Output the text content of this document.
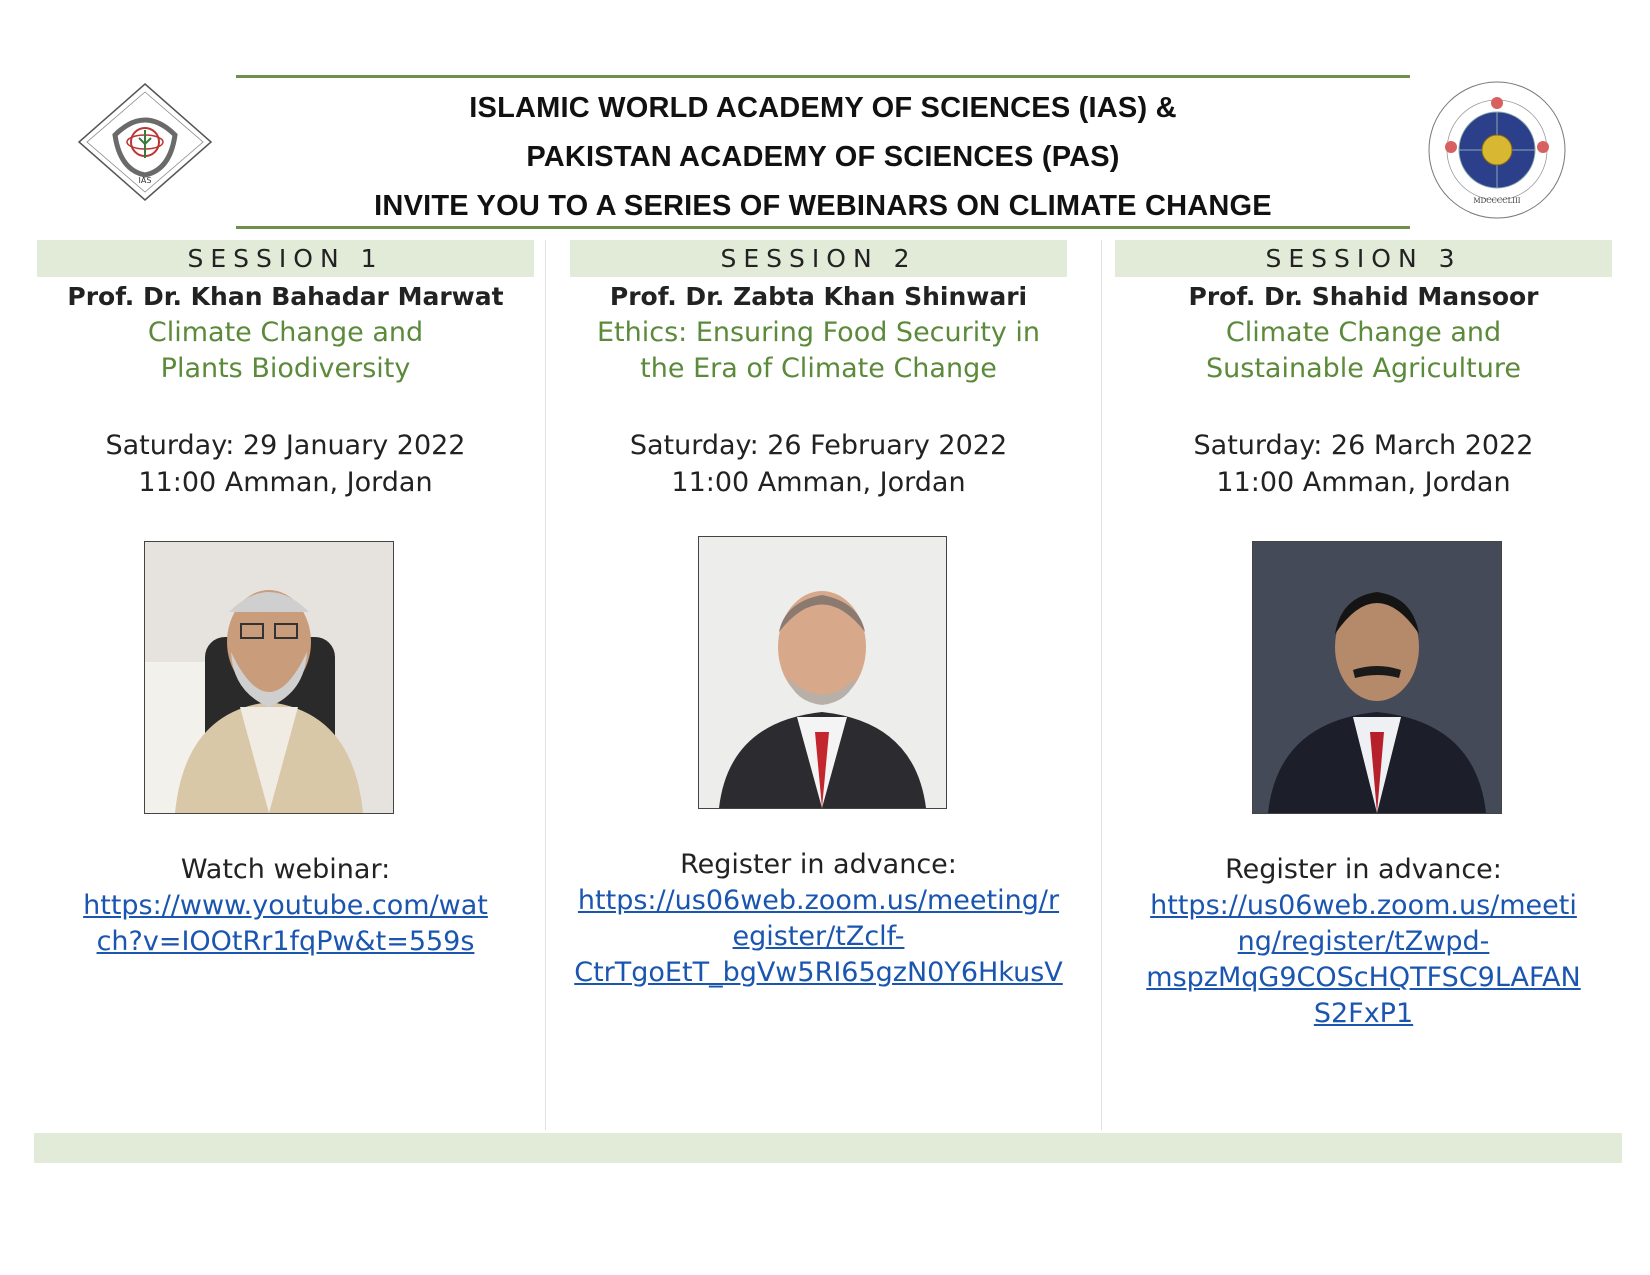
IAS
MDCCCCLIII
ISLAMIC WORLD ACADEMY OF SCIENCES (IAS) &
PAKISTAN ACADEMY OF SCIENCES (PAS)
INVITE YOU TO A SERIES OF WEBINARS ON CLIMATE CHANGE
SESSION 1
Prof. Dr. Khan Bahadar Marwat
Climate Change and
Plants Biodiversity
Saturday: 29 January 2022
11:00 Amman, Jordan
SESSION 2
Prof. Dr. Zabta Khan Shinwari
Ethics: Ensuring Food Security in
the Era of Climate Change
Saturday: 26 February 2022
11:00 Amman, Jordan
SESSION 3
Prof. Dr. Shahid Mansoor
Climate Change and
Sustainable Agriculture
Saturday: 26 March 2022
11:00 Amman, Jordan
Watch webinar:
https://www.youtube.com/wat
ch?v=IOOtRr1fqPw&t=559s
Register in advance:
https://us06web.zoom.us/meeting/r
egister/tZclf-
CtrTgoEtT_bgVw5RI65gzN0Y6HkusV
Register in advance:
https://us06web.zoom.us/meeti
ng/register/tZwpd-
mspzMqG9COScHQTFSC9LAFAN
S2FxP1
